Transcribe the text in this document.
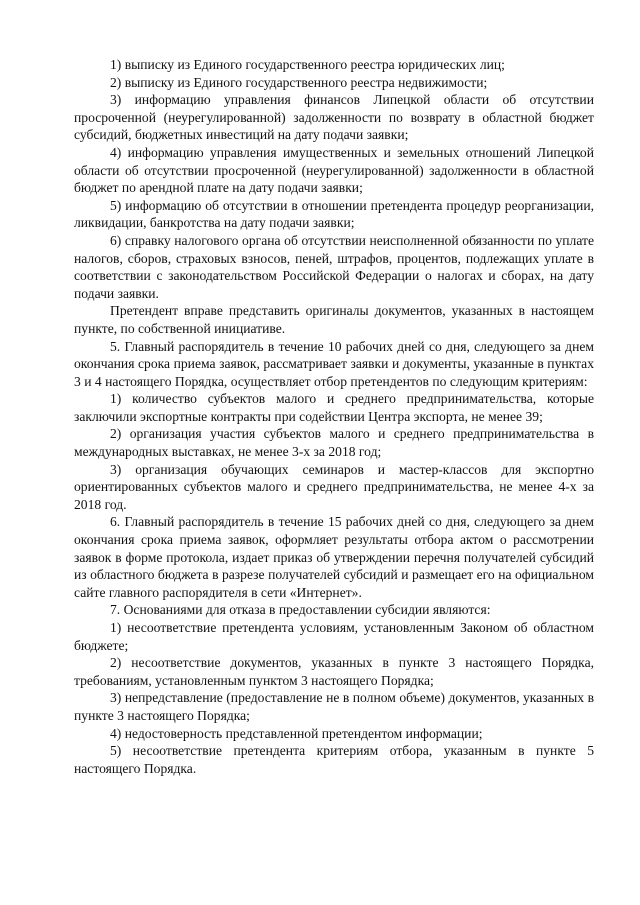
1) выписку из Единого государственного реестра юридических лиц;

2) выписку из Единого государственного реестра недвижимости;

3) информацию управления финансов Липецкой области об отсутствии просроченной (неурегулированной) задолженности по возврату в областной бюджет субсидий, бюджетных инвестиций на дату подачи заявки;

4) информацию управления имущественных и земельных отношений Липецкой области об отсутствии просроченной (неурегулированной) задолженности в областной бюджет по арендной плате на дату подачи заявки;

5) информацию об отсутствии в отношении претендента процедур реорганизации, ликвидации, банкротства на дату подачи заявки;

6) справку налогового органа об отсутствии неисполненной обязанности по уплате налогов, сборов, страховых взносов, пеней, штрафов, процентов, подлежащих уплате в соответствии с законодательством Российской Федерации о налогах и сборах, на дату подачи заявки.

Претендент вправе представить оригиналы документов, указанных в настоящем пункте, по собственной инициативе.

5. Главный распорядитель в течение 10 рабочих дней со дня, следующего за днем окончания срока приема заявок, рассматривает заявки и документы, указанные в пунктах 3 и 4 настоящего Порядка, осуществляет отбор претендентов по следующим критериям:

1) количество субъектов малого и среднего предпринимательства, которые заключили экспортные контракты при содействии Центра экспорта, не менее 39;

2) организация участия субъектов малого и среднего предпринимательства в международных выставках, не менее 3-х за 2018 год;

3) организация обучающих семинаров и мастер-классов для экспортно ориентированных субъектов малого и среднего предпринимательства, не менее 4-х за 2018 год.

6. Главный распорядитель в течение 15 рабочих дней со дня, следующего за днем окончания срока приема заявок, оформляет результаты отбора актом о рассмотрении заявок в форме протокола, издает приказ об утверждении перечня получателей субсидий из областного бюджета в разрезе получателей субсидий и размещает его на официальном сайте главного распорядителя в сети «Интернет».

7. Основаниями для отказа в предоставлении субсидии являются:

1) несоответствие претендента условиям, установленным Законом об областном бюджете;

2) несоответствие документов, указанных в пункте 3 настоящего Порядка, требованиям, установленным пунктом 3 настоящего Порядка;

3) непредставление (предоставление не в полном объеме) документов, указанных в пункте 3 настоящего Порядка;

4) недостоверность представленной претендентом информации;

5) несоответствие претендента критериям отбора, указанным в пункте 5 настоящего Порядка.
